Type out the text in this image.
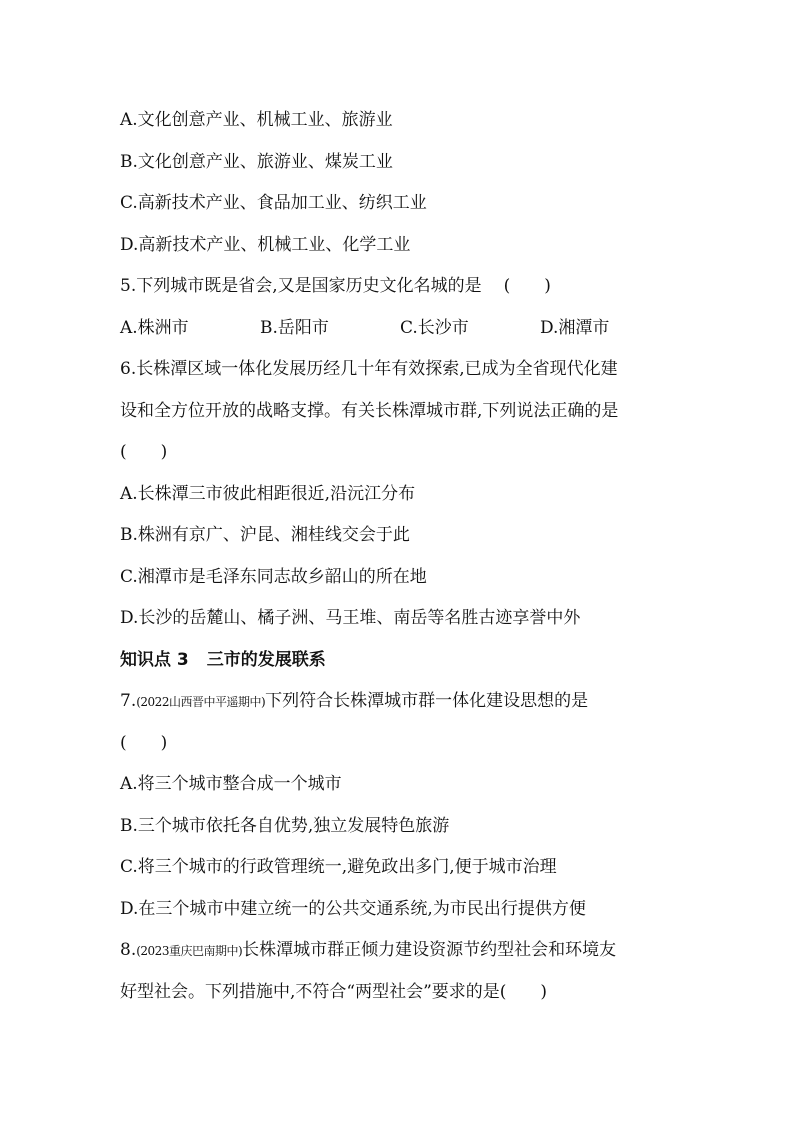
A.文化创意产业、机械工业、旅游业
B.文化创意产业、旅游业、煤炭工业
C.高新技术产业、食品加工业、纺织工业
D.高新技术产业、机械工业、化学工业
5.下列城市既是省会,又是国家历史文化名城的是 (　　)
A.株洲市	B.岳阳市	C.长沙市	D.湘潭市
6.长株潭区域一体化发展历经几十年有效探索,已成为全省现代化建
设和全方位开放的战略支撑。有关长株潭城市群,下列说法正确的是
(　　)
A.长株潭三市彼此相距很近,沿沅江分布
B.株洲有京广、沪昆、湘桂线交会于此
C.湘潭市是毛泽东同志故乡韶山的所在地
D.长沙的岳麓山、橘子洲、马王堆、南岳等名胜古迹享誉中外
知识点 3 三市的发展联系
7.(2022山西晋中平遥期中)下列符合长株潭城市群一体化建设思想的是
(　　)
A.将三个城市整合成一个城市
B.三个城市依托各自优势,独立发展特色旅游
C.将三个城市的行政管理统一,避免政出多门,便于城市治理
D.在三个城市中建立统一的公共交通系统,为市民出行提供方便
8.(2023重庆巴南期中)长株潭城市群正倾力建设资源节约型社会和环境友
好型社会。下列措施中,不符合“两型社会”要求的是(　　)
